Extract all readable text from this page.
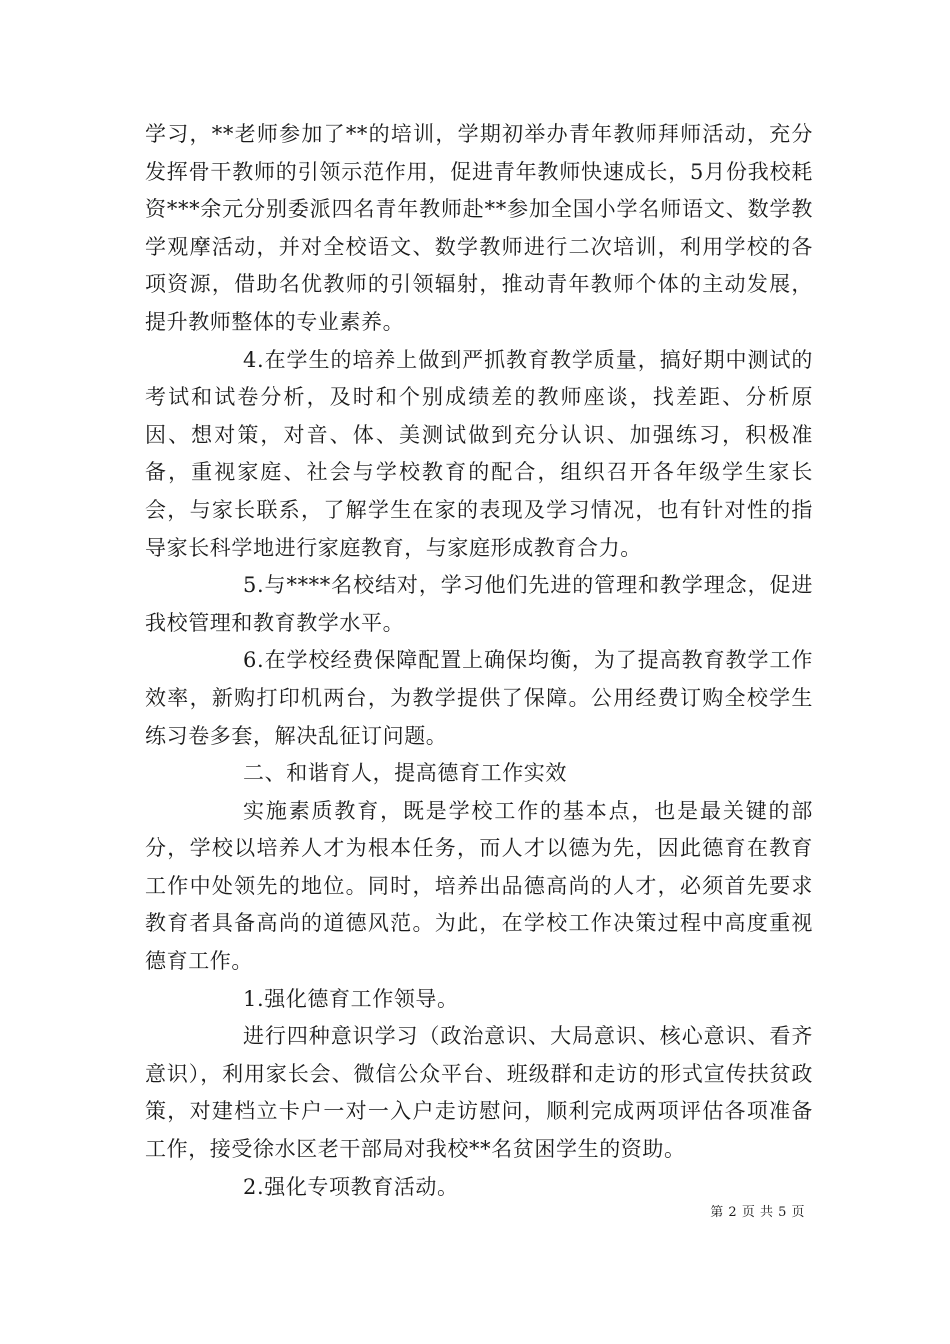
学习，**老师参加了**的培训，学期初举办青年教师拜师活动，充分发挥骨干教师的引领示范作用，促进青年教师快速成长，5月份我校耗资***余元分别委派四名青年教师赴**参加全国小学名师语文、数学教学观摩活动，并对全校语文、数学教师进行二次培训，利用学校的各项资源，借助名优教师的引领辐射，推动青年教师个体的主动发展，提升教师整体的专业素养。

4.在学生的培养上做到严抓教育教学质量，搞好期中测试的考试和试卷分析，及时和个别成绩差的教师座谈，找差距、分析原因、想对策，对音、体、美测试做到充分认识、加强练习，积极准备，重视家庭、社会与学校教育的配合，组织召开各年级学生家长会，与家长联系，了解学生在家的表现及学习情况，也有针对性的指导家长科学地进行家庭教育，与家庭形成教育合力。

5.与****名校结对，学习他们先进的管理和教学理念，促进我校管理和教育教学水平。

6.在学校经费保障配置上确保均衡，为了提高教育教学工作效率，新购打印机两台，为教学提供了保障。公用经费订购全校学生练习卷多套，解决乱征订问题。

二、和谐育人，提高德育工作实效

实施素质教育，既是学校工作的基本点，也是最关键的部分，学校以培养人才为根本任务，而人才以德为先，因此德育在教育工作中处领先的地位。同时，培养出品德高尚的人才，必须首先要求教育者具备高尚的道德风范。为此，在学校工作决策过程中高度重视德育工作。

1.强化德育工作领导。

进行四种意识学习（政治意识、大局意识、核心意识、看齐意识），利用家长会、微信公众平台、班级群和走访的形式宣传扶贫政策，对建档立卡户一对一入户走访慰问，顺利完成两项评估各项准备工作，接受徐水区老干部局对我校**名贫困学生的资助。

2.强化专项教育活动。

第 2 页 共 5 页
